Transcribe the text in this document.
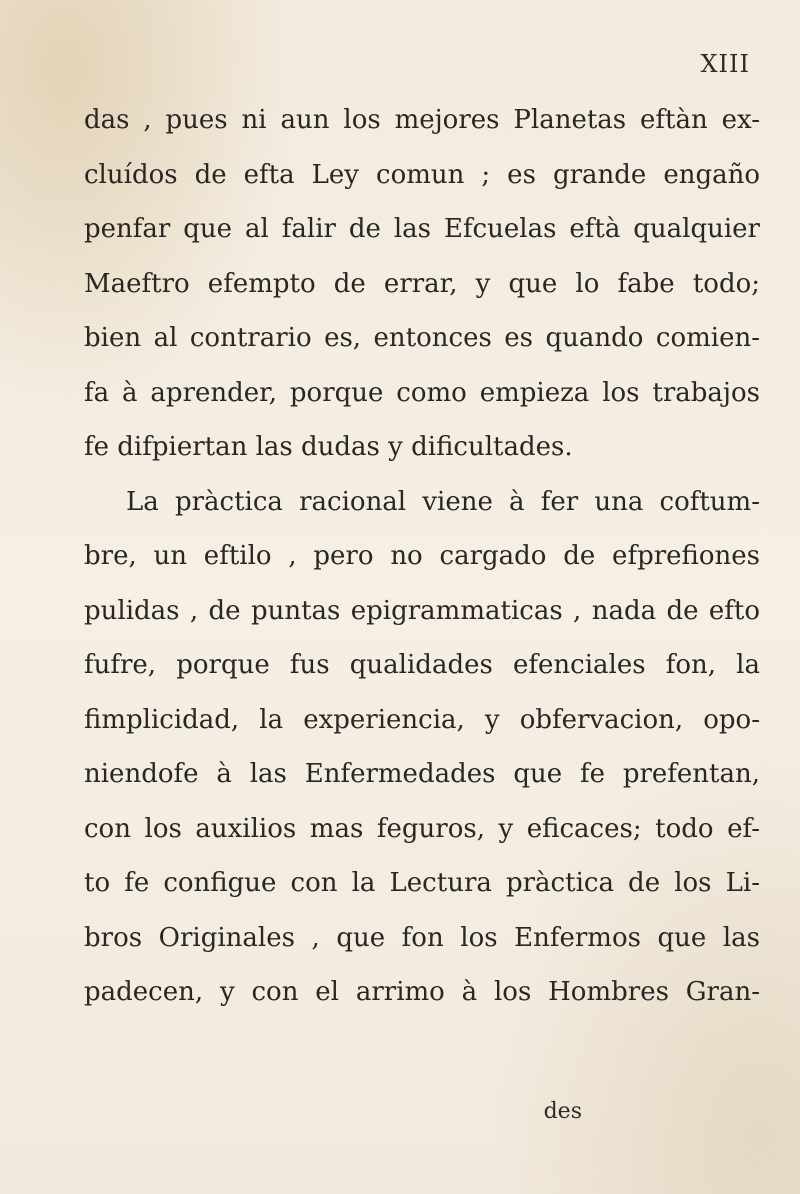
XIII
das , pues ni aun los mejores Planetas eftàn ex-
cluídos de efta Ley comun ; es grande engaño
penfar que al falir de las Efcuelas eftà qualquier
Maeftro efempto de errar, y que lo fabe todo;
bien al contrario es, entonces es quando comien-
fa à aprender, porque como empieza los trabajos
fe difpiertan las dudas y dificultades.
La pràctica racional viene à fer una coftum-
bre, un eftilo , pero no cargado de efprefiones
pulidas , de puntas epigrammaticas , nada de efto
fufre, porque fus qualidades efenciales fon, la
fimplicidad, la experiencia, y obfervacion, opo-
niendofe à las Enfermedades que fe prefentan,
con los auxilios mas feguros, y eficaces; todo ef-
to fe configue con la Lectura pràctica de los Li-
bros Originales , que fon los Enfermos que las
padecen, y con el arrimo à los Hombres Gran-
des
